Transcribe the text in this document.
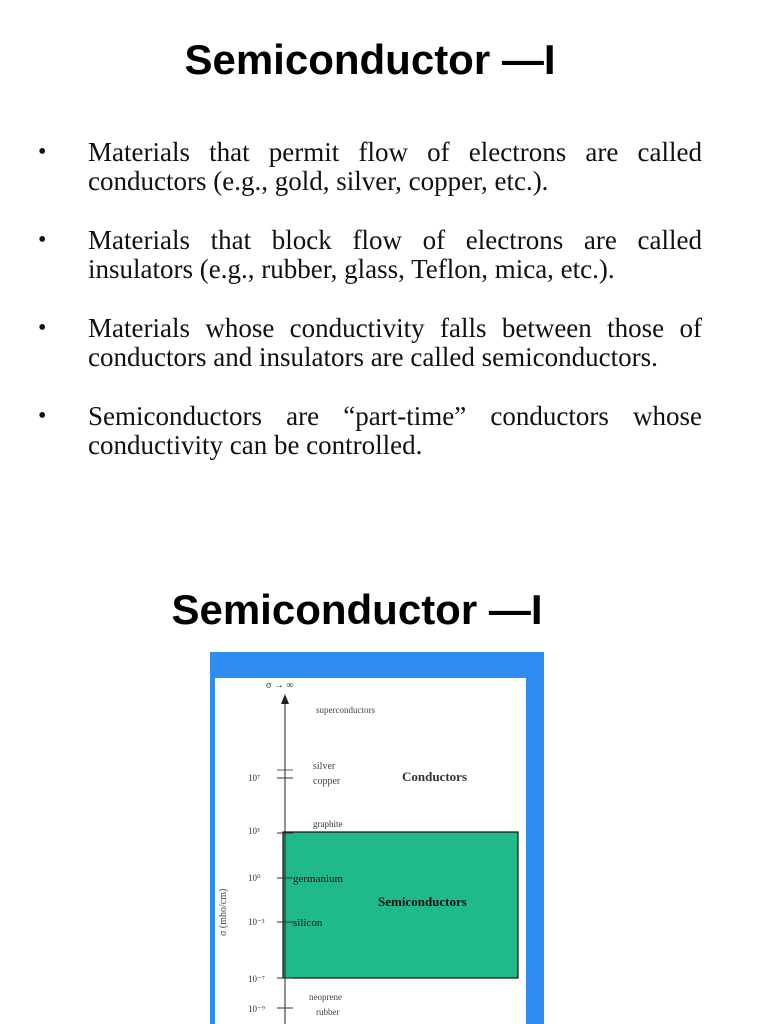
Semiconductor —I
• Materials that permit flow of electrons are called conductors (e.g., gold, silver, copper, etc.).
• Materials that block flow of electrons are called insulators (e.g., rubber, glass, Teflon, mica, etc.).
• Materials whose conductivity falls between those of conductors and insulators are called semiconductors.
• Semiconductors are “part-time” conductors whose conductivity can be controlled.
Semiconductor —I
σ → ∞
σ (mho/cm)
10⁷
10³
10⁰
10⁻³
10⁻⁷
10⁻⁹
superconductors
silver
copper
graphite
germanium
silicon
neoprene
rubber
Conductors
Semiconductors
